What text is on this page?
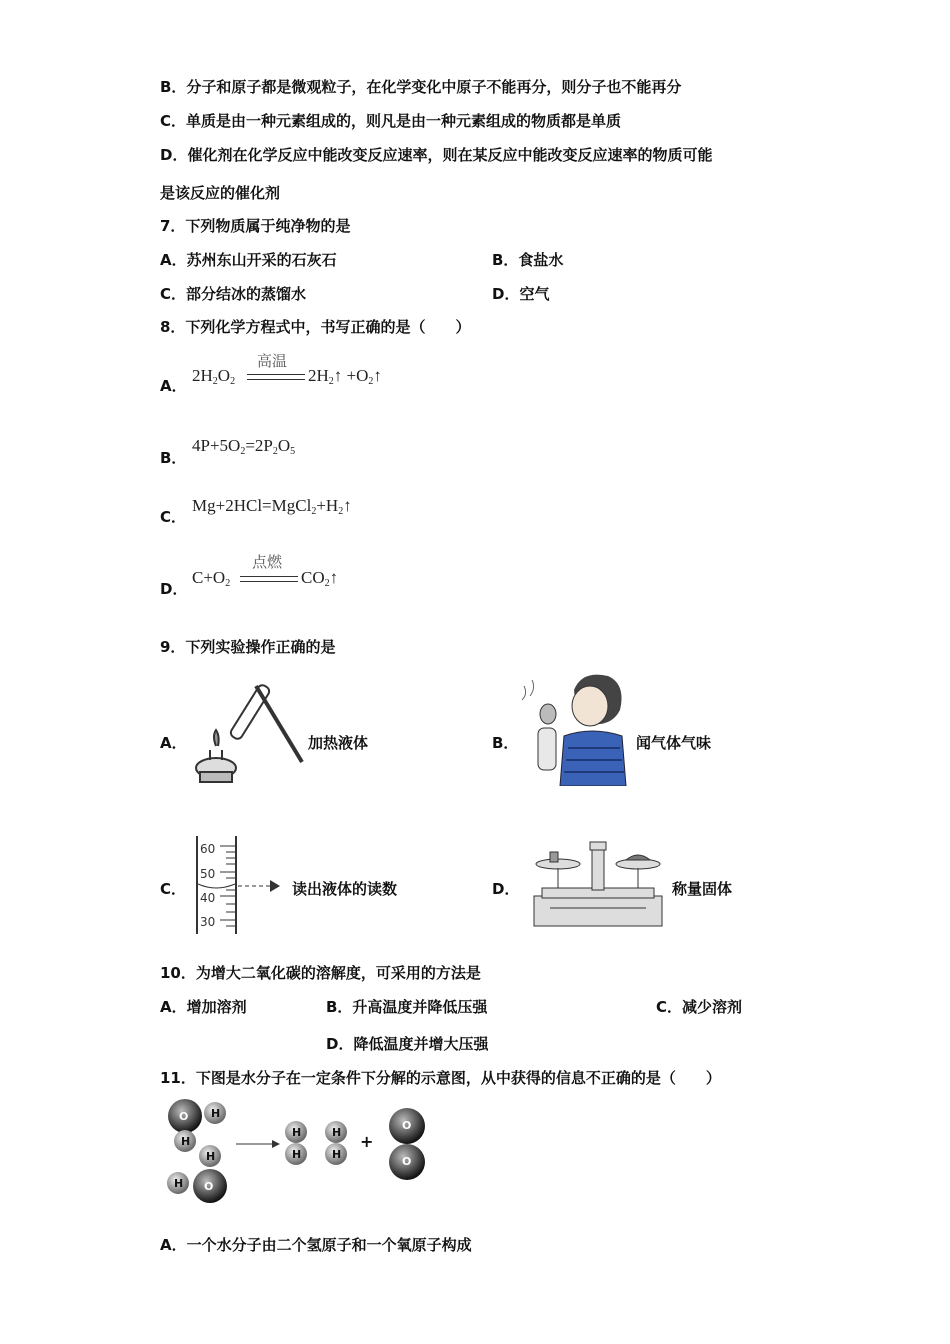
B．分子和原子都是微观粒子，在化学变化中原子不能再分，则分子也不能再分
C．单质是由一种元素组成的，则凡是由一种元素组成的物质都是单质
D．催化剂在化学反应中能改变反应速率，则在某反应中能改变反应速率的物质可能
是该反应的催化剂
7．下列物质属于纯净物的是
A．苏州东山开采的石灰石	B．食盐水
C．部分结冰的蒸馏水	D．空气
8．下列化学方程式中，书写正确的是（　　）
A．
$2H_2O_2$
高温
$2H_2↑$ $+O_2↑$
B．
$4P+5O_2=2P_2O_5$
C．
$Mg+2HCl=MgCl_2+H_2↑$
D．
$C+O_2$
点燃
$CO_2↑$
9．下列实验操作正确的是
A．	加热液体	B．	闻气体气味
C．
60
50
40
30
读出液体的读数	D．	称量固体
10．为增大二氧化碳的溶解度，可采用的方法是
A．增加溶剂	B．升高温度并降低压强	C．减少溶剂
D．降低温度并增大压强
11．下图是水分子在一定条件下分解的示意图，从中获得的信息不正确的是（　　）
O H
H
H
H O
H
H
H
H
+
O
O
A．一个水分子由二个氢原子和一个氧原子构成
